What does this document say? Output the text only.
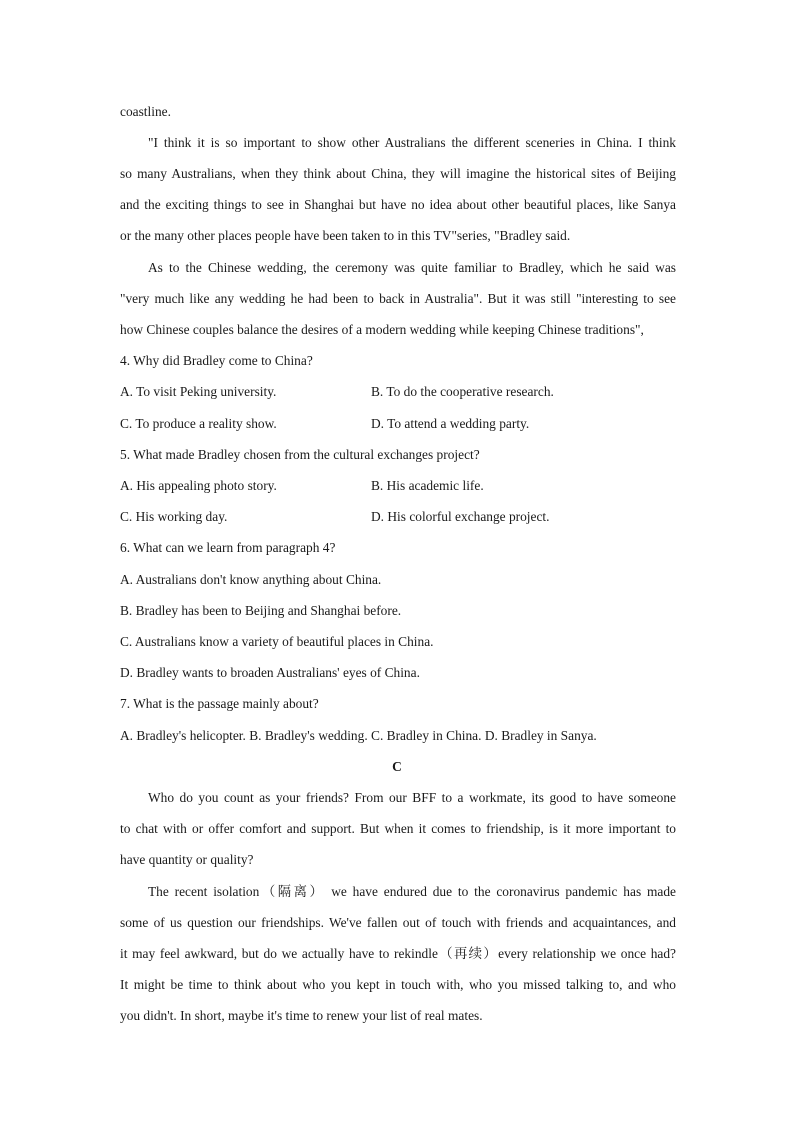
coastline.
"I think it is so important to show other Australians the different sceneries in China. I think
so many Australians, when they think about China, they will imagine the historical sites of Beijing
and the exciting things to see in Shanghai but have no idea about other beautiful places, like Sanya
or the many other places people have been taken to in this TV"series, "Bradley said.
As to the Chinese wedding, the ceremony was quite familiar to Bradley, which he said was
"very much like any wedding he had been to back in Australia". But it was still "interesting to see
how Chinese couples balance the desires of a modern wedding while keeping Chinese traditions",
4. Why did Bradley come to China?
A. To visit Peking university.	B. To do the cooperative research.
C. To produce a reality show.	D. To attend a wedding party.
5. What made Bradley chosen from the cultural exchanges project?
A. His appealing photo story.	B. His academic life.
C. His working day.	D. His colorful exchange project.
6. What can we learn from paragraph 4?
A. Australians don't know anything about China.
B. Bradley has been to Beijing and Shanghai before.
C. Australians know a variety of beautiful places in China.
D. Bradley wants to broaden Australians' eyes of China.
7. What is the passage mainly about?
A. Bradley's helicopter. B. Bradley's wedding. C. Bradley in China. D. Bradley in Sanya.
C
Who do you count as your friends? From our BFF to a workmate, its good to have someone
to chat with or offer comfort and support. But when it comes to friendship, is it more important to
have quantity or quality?
The recent isolation（隔离） we have endured due to the coronavirus pandemic has made
some of us question our friendships. We've fallen out of touch with friends and acquaintances, and
it may feel awkward, but do we actually have to rekindle（再续）every relationship we once had?
It might be time to think about who you kept in touch with, who you missed talking to, and who
you didn't. In short, maybe it's time to renew your list of real mates.
